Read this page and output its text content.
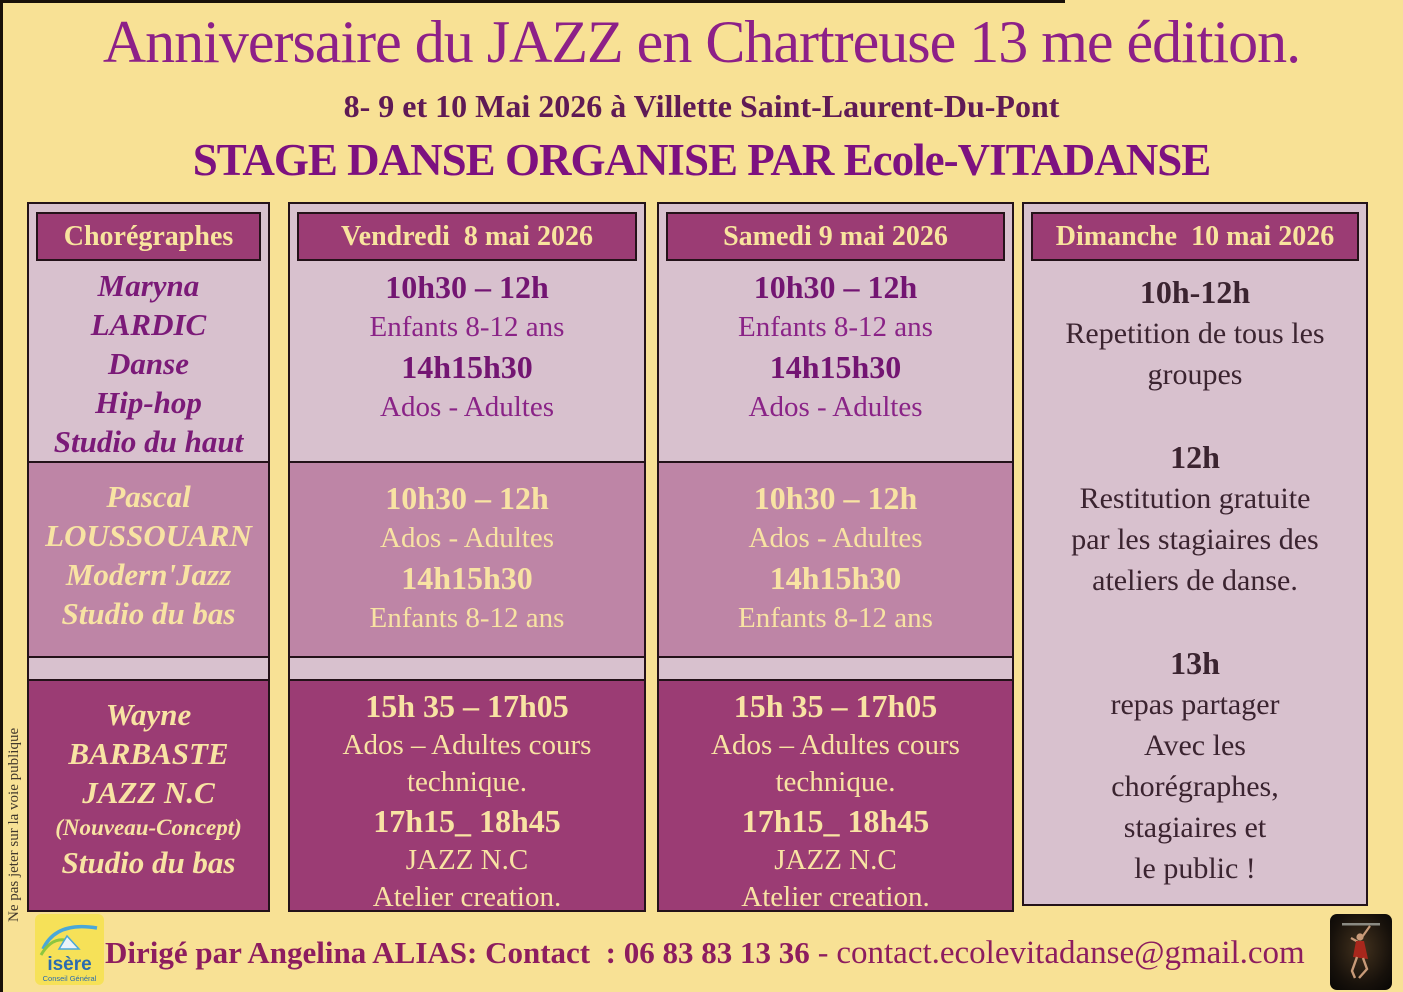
Anniversaire du JAZZ en Chartreuse 13 me édition.
8- 9 et 10 Mai 2026 à Villette Saint-Laurent-Du-Pont
STAGE DANSE ORGANISE PAR Ecole-VITADANSE
Ne pas jeter sur la voie publique
Chorégraphes
Maryna
LARDIC
Danse
Hip-hop
Studio du haut
Pascal
LOUSSOUARN
Modern'Jazz
Studio du bas
Wayne
BARBASTE
JAZZ N.C
(Nouveau-Concept)
Studio du bas
Vendredi  8 mai 2026
10h30 – 12h
Enfants 8-12 ans
14h15h30
Ados - Adultes
10h30 – 12h
Ados - Adultes
14h15h30
Enfants 8-12 ans
15h 35 – 17h05
Ados – Adultes cours
technique.
17h15_ 18h45
JAZZ N.C
Atelier creation.
Samedi 9 mai 2026
10h30 – 12h
Enfants 8-12 ans
14h15h30
Ados - Adultes
10h30 – 12h
Ados - Adultes
14h15h30
Enfants 8-12 ans
15h 35 – 17h05
Ados – Adultes cours
technique.
17h15_ 18h45
JAZZ N.C
Atelier creation.
Dimanche  10 mai 2026
10h-12h
Repetition de tous les
groupes
12h
Restitution gratuite
par les stagiaires des
ateliers de danse.
13h
repas partager
Avec les
chorégraphes,
stagiaires et
le public !
isère
Conseil Général
Dirigé par Angelina ALIAS: Contact  : 06 83 83 13 36 - contact.ecolevitadanse@gmail.com
